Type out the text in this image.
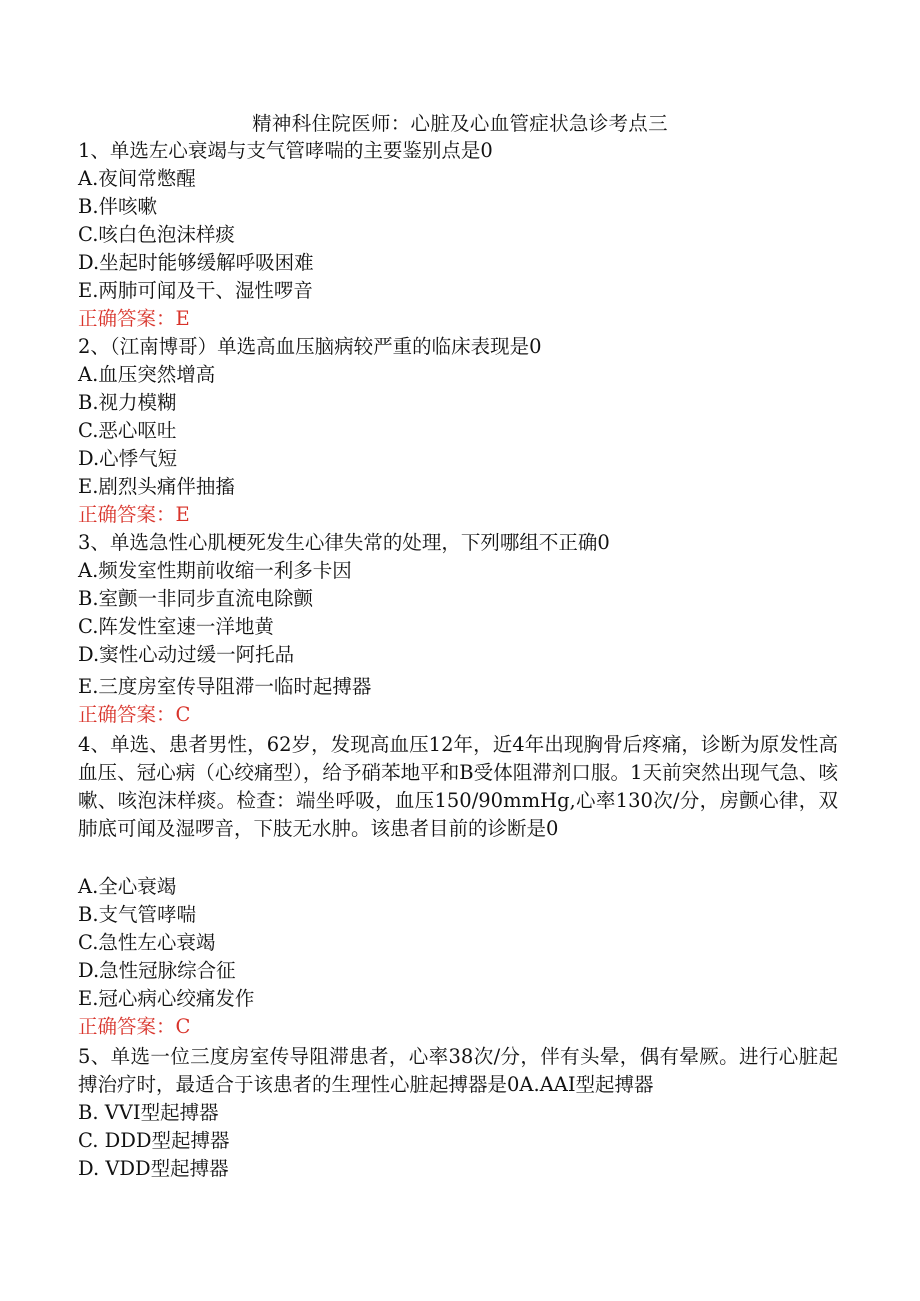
精神科住院医师：心脏及心血管症状急诊考点三
1、单选左心衰竭与支气管哮喘的主要鉴别点是0
A.夜间常憋醒
B.伴咳嗽
C.咳白色泡沫样痰
D.坐起时能够缓解呼吸困难
E.两肺可闻及干、湿性啰音
正确答案：E
2、（江南博哥）单选高血压脑病较严重的临床表现是0
A.血压突然增高
B.视力模糊
C.恶心呕吐
D.心悸气短
E.剧烈头痛伴抽搐
正确答案：E
3、单选急性心肌梗死发生心律失常的处理，下列哪组不正确0
A.频发室性期前收缩一利多卡因
B.室颤一非同步直流电除颤
C.阵发性室速一洋地黄
D.窦性心动过缓一阿托品
E.三度房室传导阻滞一临时起搏器
正确答案：C
4、单选、患者男性，62岁，发现高血压12年，近4年出现胸骨后疼痛，诊断为原发性高血压、冠心病（心绞痛型），给予硝苯地平和B受体阻滞剂口服。1天前突然出现气急、咳嗽、咳泡沫样痰。检查：端坐呼吸，血压150/90mmHg,心率130次/分，房颤心律，双肺底可闻及湿啰音，下肢无水肿。该患者目前的诊断是0
A.全心衰竭
B.支气管哮喘
C.急性左心衰竭
D.急性冠脉综合征
E.冠心病心绞痛发作
正确答案：C
5、单选一位三度房室传导阻滞患者，心率38次/分，伴有头晕，偶有晕厥。进行心脏起搏治疗时，最适合于该患者的生理性心脏起搏器是0A.AAI型起搏器
B. VVI型起搏器
C. DDD型起搏器
D. VDD型起搏器
